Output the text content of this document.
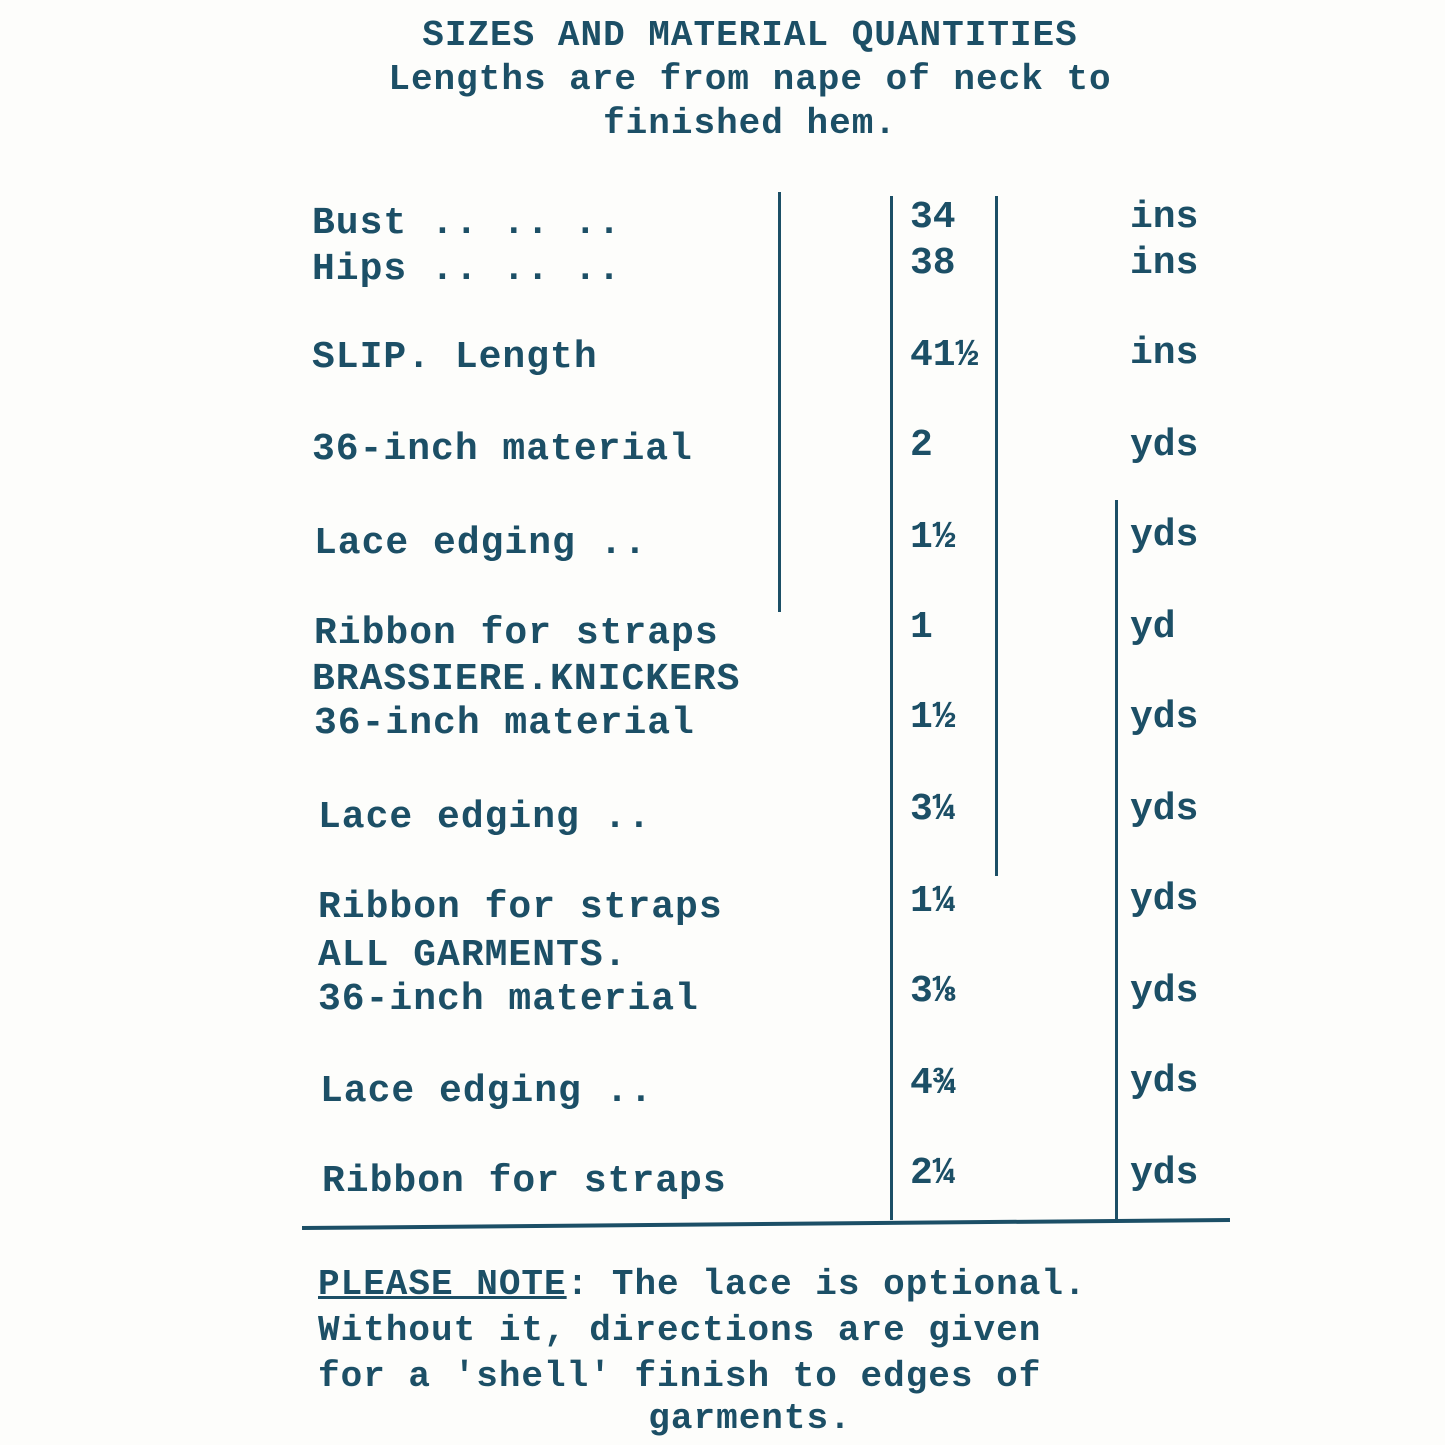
SIZES AND MATERIAL QUANTITIES
Lengths are from nape of neck to
finished hem.
Bust .. .. ..	34	ins
Hips .. .. ..	38	ins
SLIP. Length	41½	ins
36-inch material	2	yds
Lace edging ..	1½	yds
Ribbon for straps	1	yd
BRASSIERE.KNICKERS
36-inch material	1½	yds
Lace edging ..	3¼	yds
Ribbon for straps	1¼	yds
ALL GARMENTS.
36-inch material	3⅛	yds
Lace edging ..	4¾	yds
Ribbon for straps	2¼	yds
PLEASE NOTE: The lace is optional.
Without it, directions are given
for a 'shell' finish to edges of
garments.
